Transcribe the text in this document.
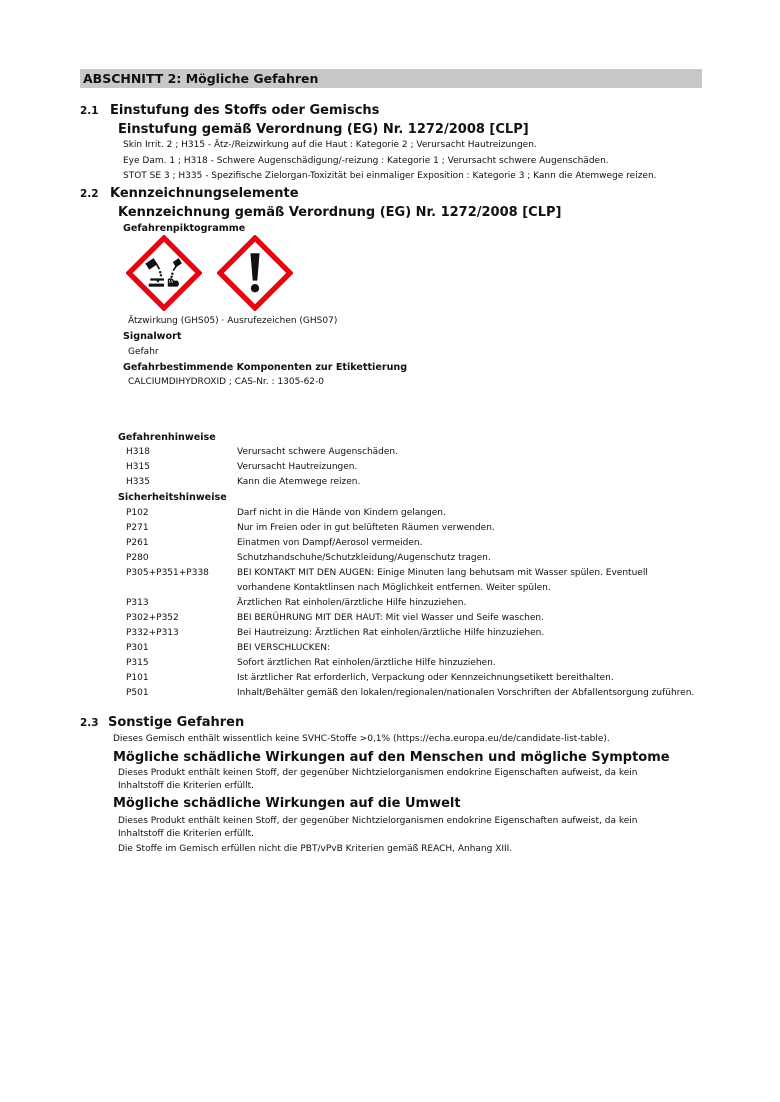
ABSCHNITT 2: Mögliche Gefahren
2.1 Einstufung des Stoffs oder Gemischs
Einstufung gemäß Verordnung (EG) Nr. 1272/2008 [CLP]
Skin Irrit. 2 ; H315 - Ätz-/Reizwirkung auf die Haut : Kategorie 2 ; Verursacht Hautreizungen.
Eye Dam. 1 ; H318 - Schwere Augenschädigung/-reizung : Kategorie 1 ; Verursacht schwere Augenschäden.
STOT SE 3 ; H335 - Spezifische Zielorgan-Toxizität bei einmaliger Exposition : Kategorie 3 ; Kann die Atemwege reizen.
2.2 Kennzeichnungselemente
Kennzeichnung gemäß Verordnung (EG) Nr. 1272/2008 [CLP]
Gefahrenpiktogramme
Ätzwirkung (GHS05) · Ausrufezeichen (GHS07)
Signalwort
Gefahr
Gefahrbestimmende Komponenten zur Etikettierung
CALCIUMDIHYDROXID ; CAS-Nr. : 1305-62-0
Gefahrenhinweise
H318	Verursacht schwere Augenschäden.
H315	Verursacht Hautreizungen.
H335	Kann die Atemwege reizen.
Sicherheitshinweise
P102	Darf nicht in die Hände von Kindern gelangen.
P271	Nur im Freien oder in gut belüfteten Räumen verwenden.
P261	Einatmen von Dampf/Aerosol vermeiden.
P280	Schutzhandschuhe/Schutzkleidung/Augenschutz tragen.
P305+P351+P338	BEI KONTAKT MIT DEN AUGEN: Einige Minuten lang behutsam mit Wasser spülen. Eventuell vorhandene Kontaktlinsen nach Möglichkeit entfernen. Weiter spülen.
P313	Ärztlichen Rat einholen/ärztliche Hilfe hinzuziehen.
P302+P352	BEI BERÜHRUNG MIT DER HAUT: Mit viel Wasser und Seife waschen.
P332+P313	Bei Hautreizung: Ärztlichen Rat einholen/ärztliche Hilfe hinzuziehen.
P301	BEI VERSCHLUCKEN:
P315	Sofort ärztlichen Rat einholen/ärztliche Hilfe hinzuziehen.
P101	Ist ärztlicher Rat erforderlich, Verpackung oder Kennzeichnungsetikett bereithalten.
P501	Inhalt/Behälter gemäß den lokalen/regionalen/nationalen Vorschriften der Abfallentsorgung zuführen.
2.3 Sonstige Gefahren
Dieses Gemisch enthält wissentlich keine SVHC-Stoffe >0,1% (https://echa.europa.eu/de/candidate-list-table).
Mögliche schädliche Wirkungen auf den Menschen und mögliche Symptome
Dieses Produkt enthält keinen Stoff, der gegenüber Nichtzielorganismen endokrine Eigenschaften aufweist, da kein
Inhaltstoff die Kriterien erfüllt.
Mögliche schädliche Wirkungen auf die Umwelt
Dieses Produkt enthält keinen Stoff, der gegenüber Nichtzielorganismen endokrine Eigenschaften aufweist, da kein
Inhaltstoff die Kriterien erfüllt.
Die Stoffe im Gemisch erfüllen nicht die PBT/vPvB Kriterien gemäß REACH, Anhang XIII.
